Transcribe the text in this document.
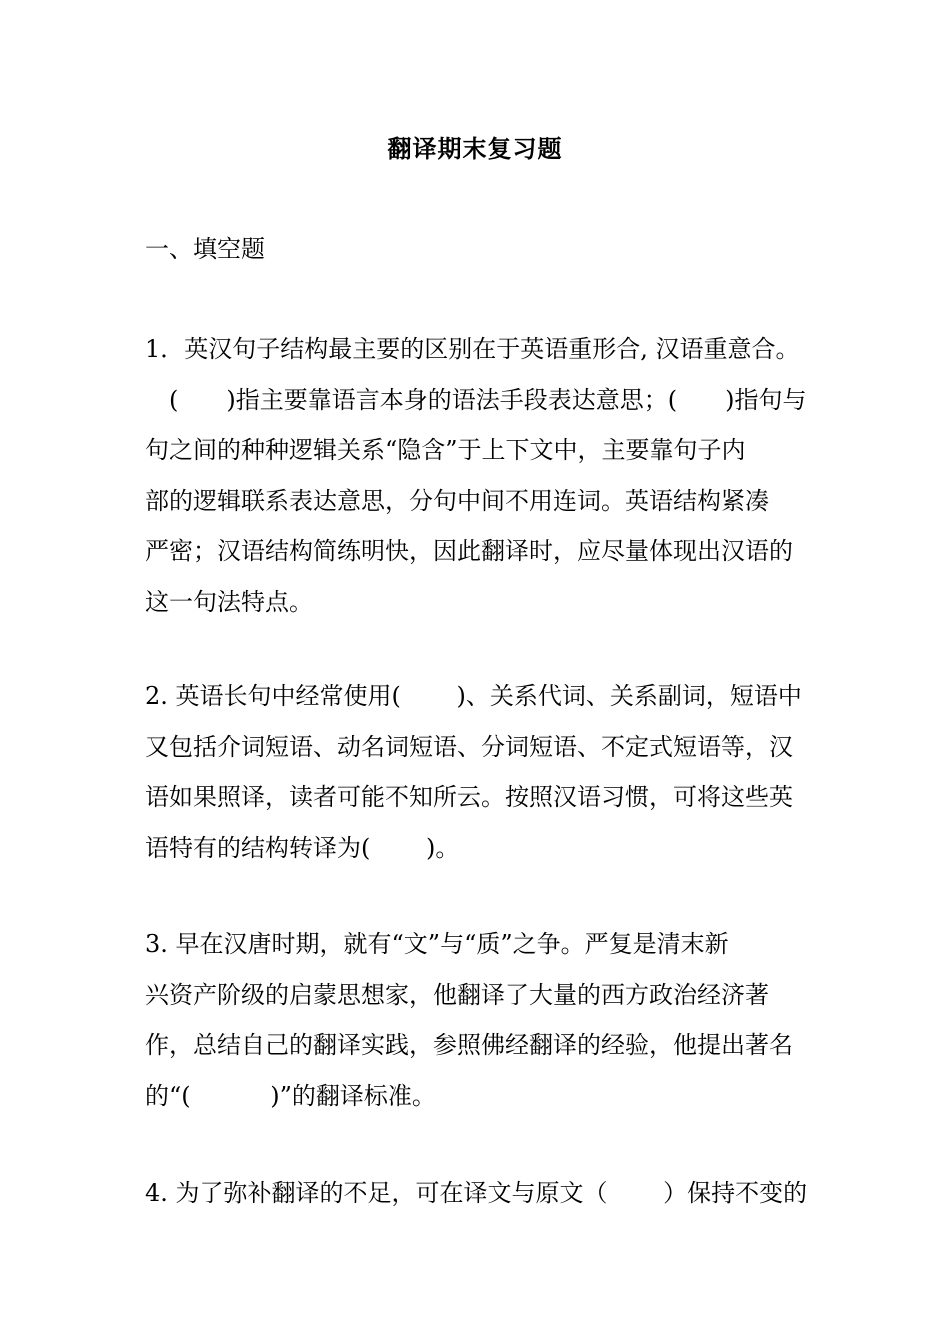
翻译期末复习题
一、填空题

1．英汉句子结构最主要的区别在于英语重形合, 汉语重意合。

　(　　)指主要靠语言本身的语法手段表达意思；(　　)指句与

句之间的种种逻辑关系“隐含”于上下文中，主要靠句子内

部的逻辑联系表达意思，分句中间不用连词。英语结构紧凑

严密；汉语结构简练明快，因此翻译时，应尽量体现出汉语的

这一句法特点。

2. 英语长句中经常使用(　　 )、关系代词、关系副词，短语中

又包括介词短语、动名词短语、分词短语、不定式短语等，汉

语如果照译，读者可能不知所云。按照汉语习惯，可将这些英

语特有的结构转译为(　　 )。

3. 早在汉唐时期，就有“文”与“质”之争。严复是清末新

兴资产阶级的启蒙思想家，他翻译了大量的西方政治经济著

作，总结自己的翻译实践，参照佛经翻译的经验，他提出著名

的“(　　　 )”的翻译标准。

4. 为了弥补翻译的不足，可在译文与原文（　　 ）保持不变的
